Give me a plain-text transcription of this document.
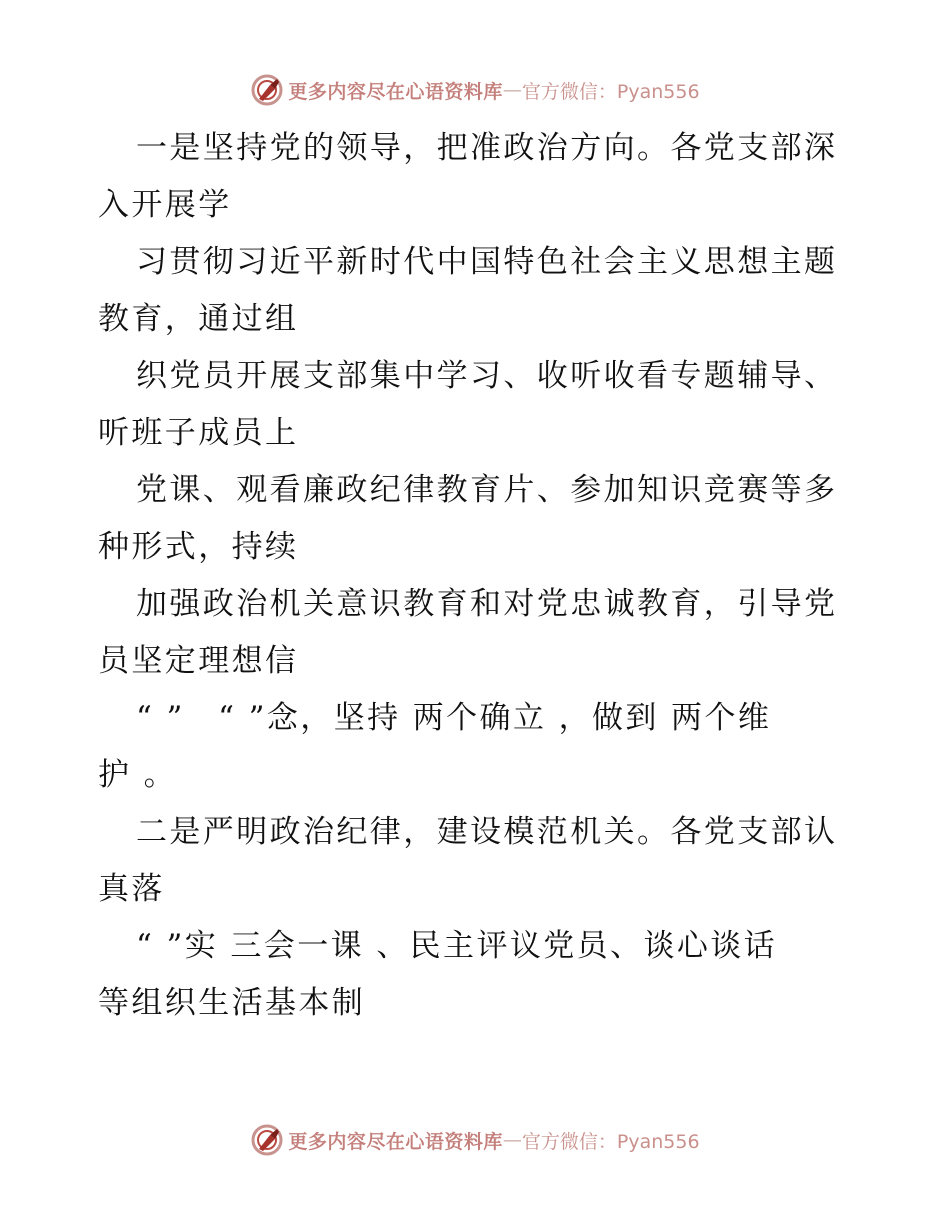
更多内容尽在心语资料库 — 官方微信：Pyan556
一是坚持党的领导，把准政治方向。各党支部深
入开展学
习贯彻习近平新时代中国特色社会主义思想主题
教育，通过组
织党员开展支部集中学习、收听收看专题辅导、
听班子成员上
党课、观看廉政纪律教育片、参加知识竞赛等多
种形式，持续
加强政治机关意识教育和对党忠诚教育，引导党
员坚定理想信
“ ”　“ ”念，坚持 两个确立 ，做到 两个维
护 。
二是严明政治纪律，建设模范机关。各党支部认
真落
“ ”实 三会一课 、民主评议党员、谈心谈话
等组织生活基本制
更多内容尽在心语资料库 — 官方微信：Pyan556
